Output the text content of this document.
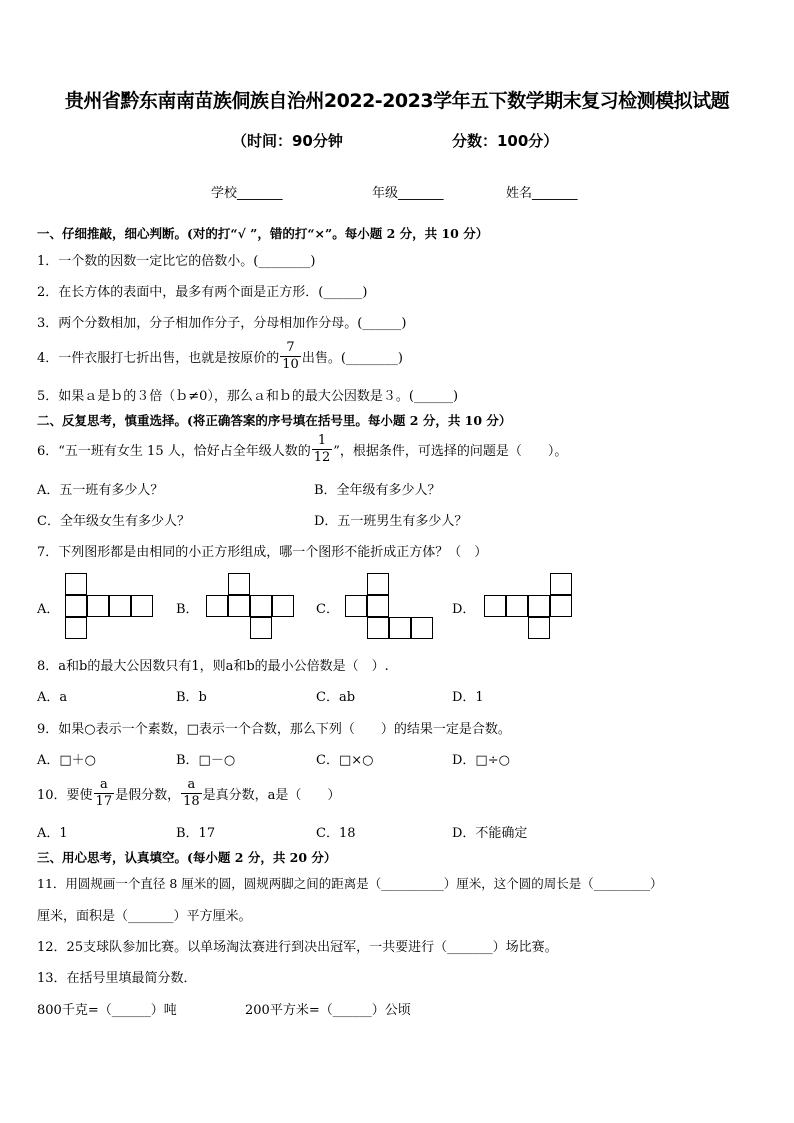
贵州省黔东南南苗族侗族自治州2022-2023学年五下数学期末复习检测模拟试题
（时间：90分钟	分数：100分）
学校_______	年级_______	姓名_______
一、仔细推敲，细心判断。(对的打“√ ”，错的打“×”。每小题 2 分，共 10 分）
1．一个数的因数一定比它的倍数小。(________)
2．在长方体的表面中，最多有两个面是正方形．(______)
3．两个分数相加，分子相加作分子，分母相加作分母。(______)
4．一件衣服打七折出售，也就是按原价的 $\frac{7}{10}$ 出售。(________)
5．如果ａ是ｂ的３倍（ｂ≠0），那么ａ和ｂ的最大公因数是３。(______)
二、反复思考，慎重选择。(将正确答案的序号填在括号里。每小题 2 分，共 10 分）
6．“五一班有女生 15 人，恰好占全年级人数的 $\frac{1}{12}$ ”，根据条件，可选择的问题是（　　）。
A．五一班有多少人？	B．全年级有多少人？
C．全年级女生有多少人？	D．五一班男生有多少人？
7．下列图形都是由相同的小正方形组成，哪一个图形不能折成正方体？（　）
A．	B．	C．	D．
8．a和b的最大公因数只有1，则a和b的最小公倍数是（　）.
A．a	B．b	C．ab	D．1
9．如果○表示一个素数，□表示一个合数，那么下列（　　）的结果一定是合数。
A．□＋○	B．□－○	C．□×○	D．□÷○
10．要使 $\frac{a}{17}$ 是假分数， $\frac{a}{18}$ 是真分数，a是（　　）
A．1	B．17	C．18	D．不能确定
三、用心思考，认真填空。(每小题 2 分，共 20 分）
11．用圆规画一个直径 8 厘米的圆，圆规两脚之间的距离是（__________）厘米，这个圆的周长是（_________）
厘米，面积是（_______）平方厘米。
12．25支球队参加比赛。以单场淘汰赛进行到决出冠军，一共要进行（_______）场比赛。
13．在括号里填最简分数．
800千克=（______）吨	200平方米=（______）公顷
